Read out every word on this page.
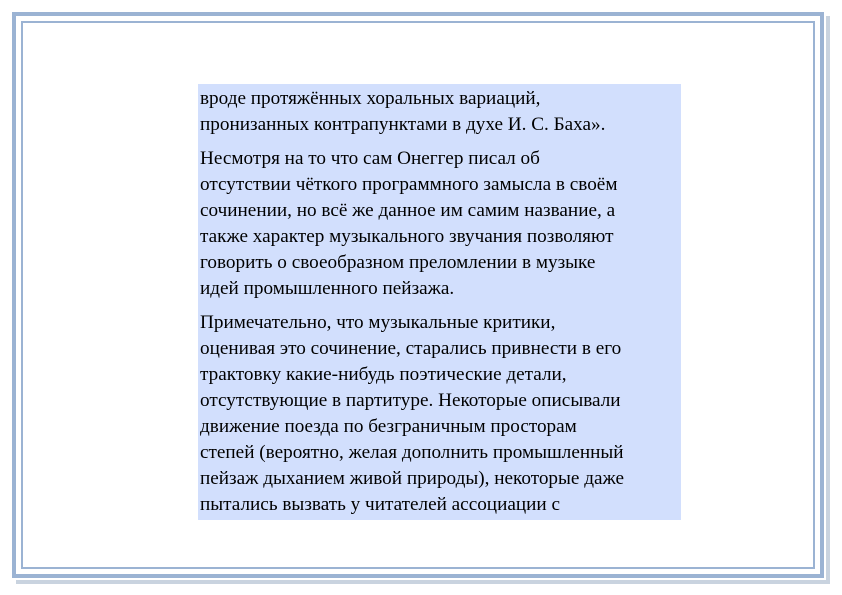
вроде протяжённых хоральных вариаций,
пронизанных контрапунктами в духе И. С. Баха».

Несмотря на то что сам Онеггер писал об
отсутствии чёткого программного замысла в своём
сочинении, но всё же данное им самим название, а
также характер музыкального звучания позволяют
говорить о своеобразном преломлении в музыке
идей промышленного пейзажа.

Примечательно, что музыкальные критики,
оценивая это сочинение, старались привнести в его
трактовку какие-нибудь поэтические детали,
отсутствующие в партитуре. Некоторые описывали
движение поезда по безграничным просторам
степей (вероятно, желая дополнить промышленный
пейзаж дыханием живой природы), некоторые даже
пытались вызвать у читателей ассоциации с
